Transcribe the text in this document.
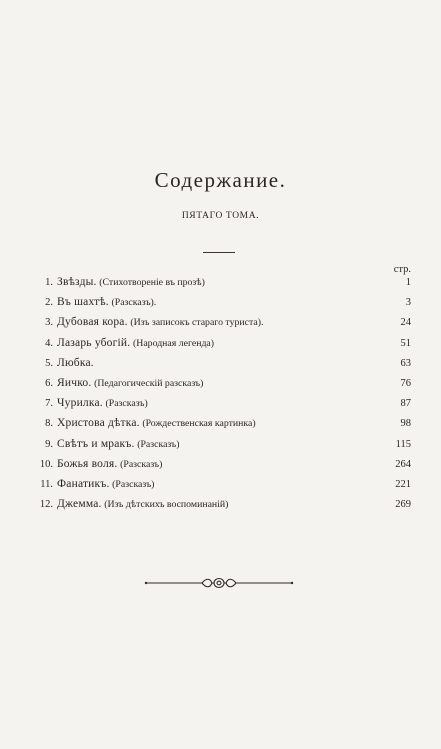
Содержание.
ПЯТАГО ТОМА.
стр.
1. Звѣзды. (Стихотвореніе въ прозѣ)	1
2. Въ шахтѣ. (Разсказъ).	3
3. Дубовая кора. (Изъ записокъ стараго туриста).	24
4. Лазарь убогій. (Народная легенда)	51
5. Любка.	63
6. Яичко. (Педагогическій разсказъ)	76
7. Чурилка. (Разсказъ)	87
8. Христова дѣтка. (Рождественская картинка)	98
9. Свѣтъ и мракъ. (Разсказъ)	115
10. Божья воля. (Разсказъ)	264
11. Фанатикъ. (Разсказъ)	221
12. Джемма. (Изъ дѣтскихъ воспоминаній)	269
